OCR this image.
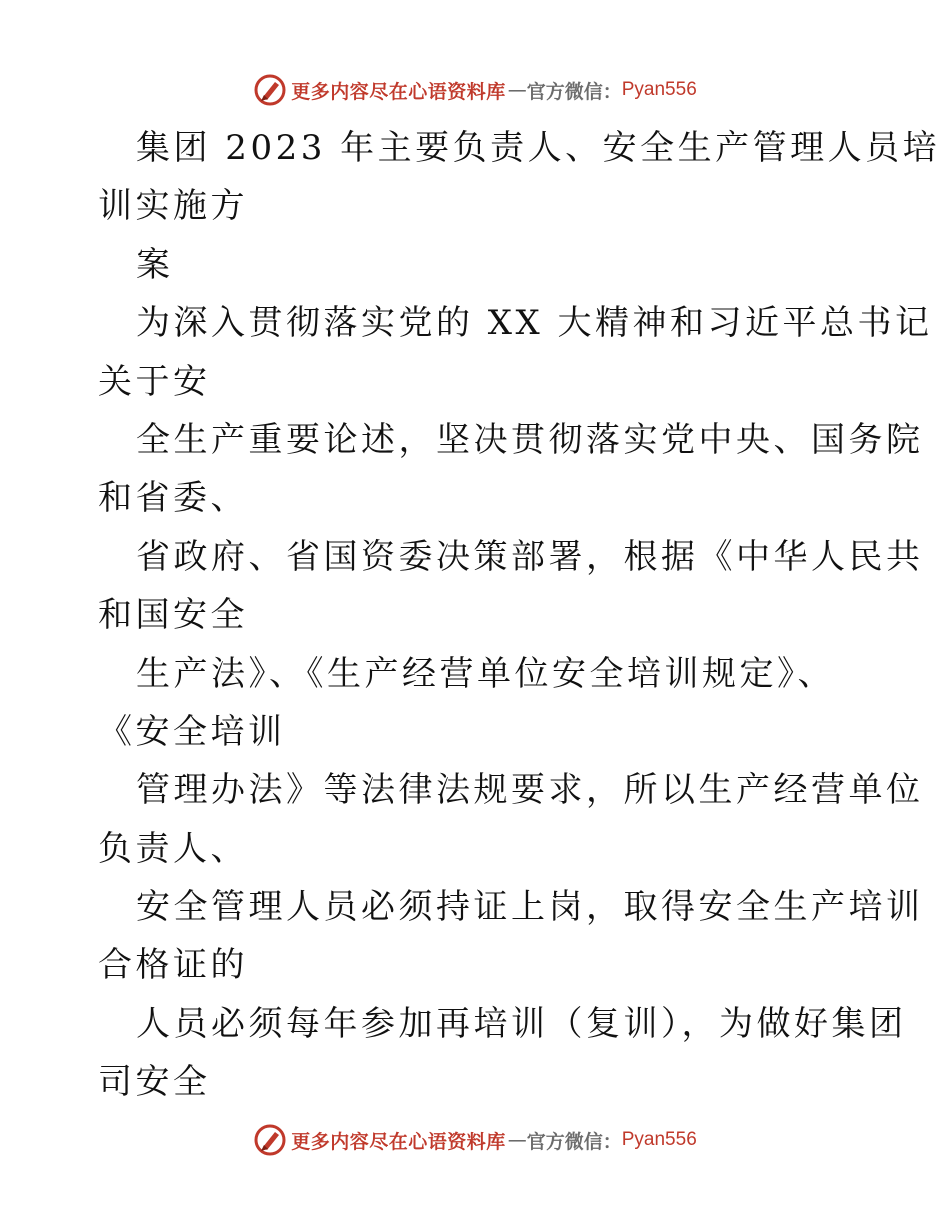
更多内容尽在心语资料库 — 官方微信： Pyan556
集团 2023 年主要负责人、安全生产管理人员培
训实施方
案
为深入贯彻落实党的 XX 大精神和习近平总书记
关于安
全生产重要论述，坚决贯彻落实党中央、国务院
和省委、
省政府、省国资委决策部署，根据《中华人民共
和国安全
生产法》、《生产经营单位安全培训规定》、
《安全培训
管理办法》等法律法规要求，所以生产经营单位
负责人、
安全管理人员必须持证上岗，取得安全生产培训
合格证的
人员必须每年参加再培训（复训），为做好集团
司安全
更多内容尽在心语资料库 — 官方微信： Pyan556
